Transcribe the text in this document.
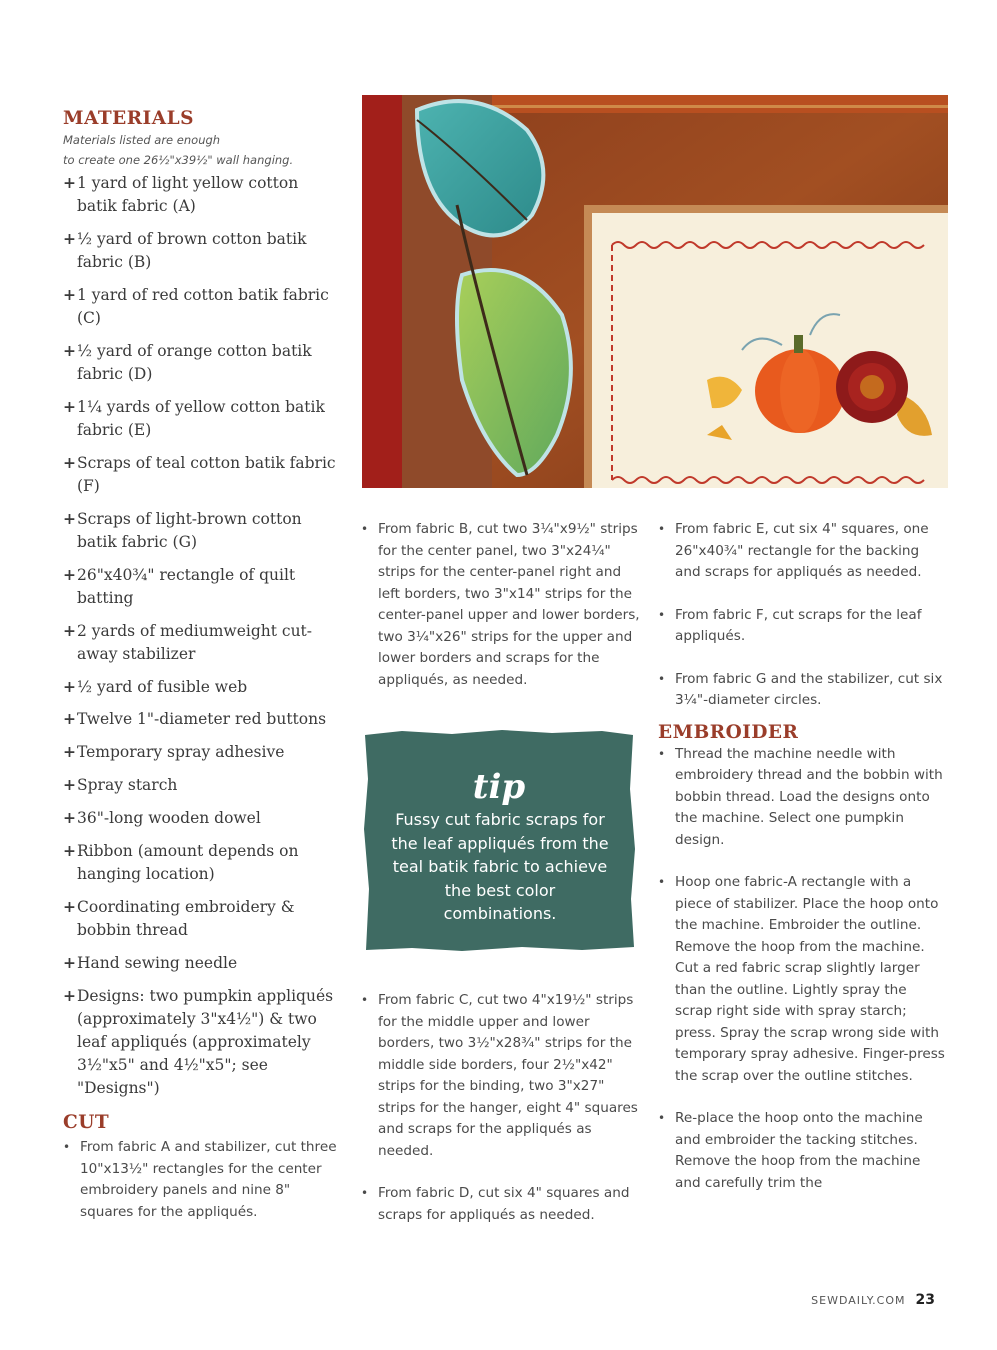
MATERIALS
Materials listed are enough
to create one 26½"x39½" wall hanging.
+1 yard of light yellow cotton batik fabric (A)
+½ yard of brown cotton batik fabric (B)
+1 yard of red cotton batik fabric (C)
+½ yard of orange cotton batik fabric (D)
+1¼ yards of yellow cotton batik fabric (E)
+Scraps of teal cotton batik fabric (F)
+Scraps of light-brown cotton batik fabric (G)
+26"x40¾" rectangle of quilt batting
+2 yards of mediumweight cut-away stabilizer
+½ yard of fusible web
+Twelve 1"-diameter red buttons
+Temporary spray adhesive
+Spray starch
+36"-long wooden dowel
+Ribbon (amount depends on hanging location)
+Coordinating embroidery & bobbin thread
+Hand sewing needle
+Designs: two pumpkin appliqués (approximately 3"x4½") & two leaf appliqués (approximately 3½"x5" and 4½"x5"; see "Designs")
CUT
• From fabric A and stabilizer, cut three 10"x13½" rectangles for the center embroidery panels and nine 8" squares for the appliqués.
• From fabric B, cut two 3¼"x9½" strips for the center panel, two 3"x24¼" strips for the center-panel right and left borders, two 3"x14" strips for the center-panel upper and lower borders, two 3¼"x26" strips for the upper and lower borders and scraps for the appliqués, as needed.
tip
Fussy cut fabric scraps for the leaf appliqués from the teal batik fabric to achieve the best color combinations.
• From fabric C, cut two 4"x19½" strips for the middle upper and lower borders, two 3½"x28¾" strips for the middle side borders, four 2½"x42" strips for the binding, two 3"x27" strips for the hanger, eight 4" squares and scraps for the appliqués as needed.
• From fabric D, cut six 4" squares and scraps for appliqués as needed.
• From fabric E, cut six 4" squares, one 26"x40¾" rectangle for the backing and scraps for appliqués as needed.
• From fabric F, cut scraps for the leaf appliqués.
• From fabric G and the stabilizer, cut six 3¼"-diameter circles.
EMBROIDER
• Thread the machine needle with embroidery thread and the bobbin with bobbin thread. Load the designs onto the machine. Select one pumpkin design.
• Hoop one fabric-A rectangle with a piece of stabilizer. Place the hoop onto the machine. Embroider the outline. Remove the hoop from the machine. Cut a red fabric scrap slightly larger than the outline. Lightly spray the scrap right side with spray starch; press. Spray the scrap wrong side with temporary spray adhesive. Finger-press the scrap over the outline stitches.
• Re-place the hoop onto the machine and embroider the tacking stitches. Remove the hoop from the machine and carefully trim the
SEWDAILY.COM 23
